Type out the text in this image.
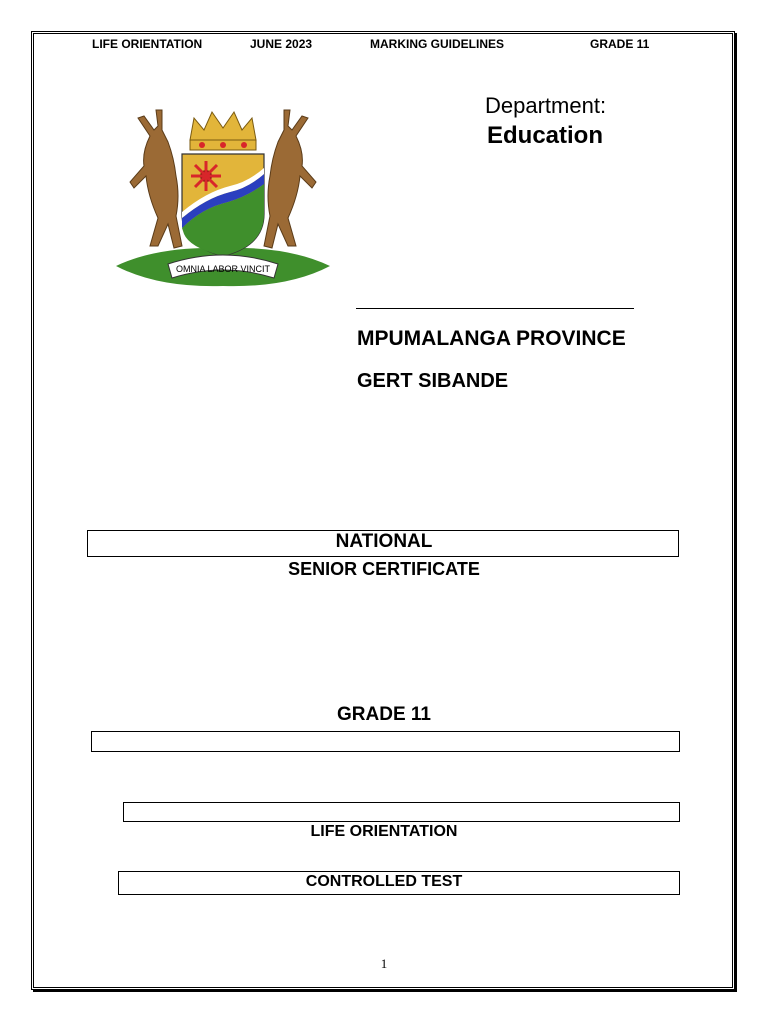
LIFE ORIENTATION	JUNE 2023	MARKING GUIDELINES	GRADE 11
OMNIA LABOR VINCIT
Department:
Education
MPUMALANGA PROVINCE
GERT SIBANDE
NATIONAL
SENIOR CERTIFICATE
GRADE 11
LIFE ORIENTATION
CONTROLLED TEST
1
